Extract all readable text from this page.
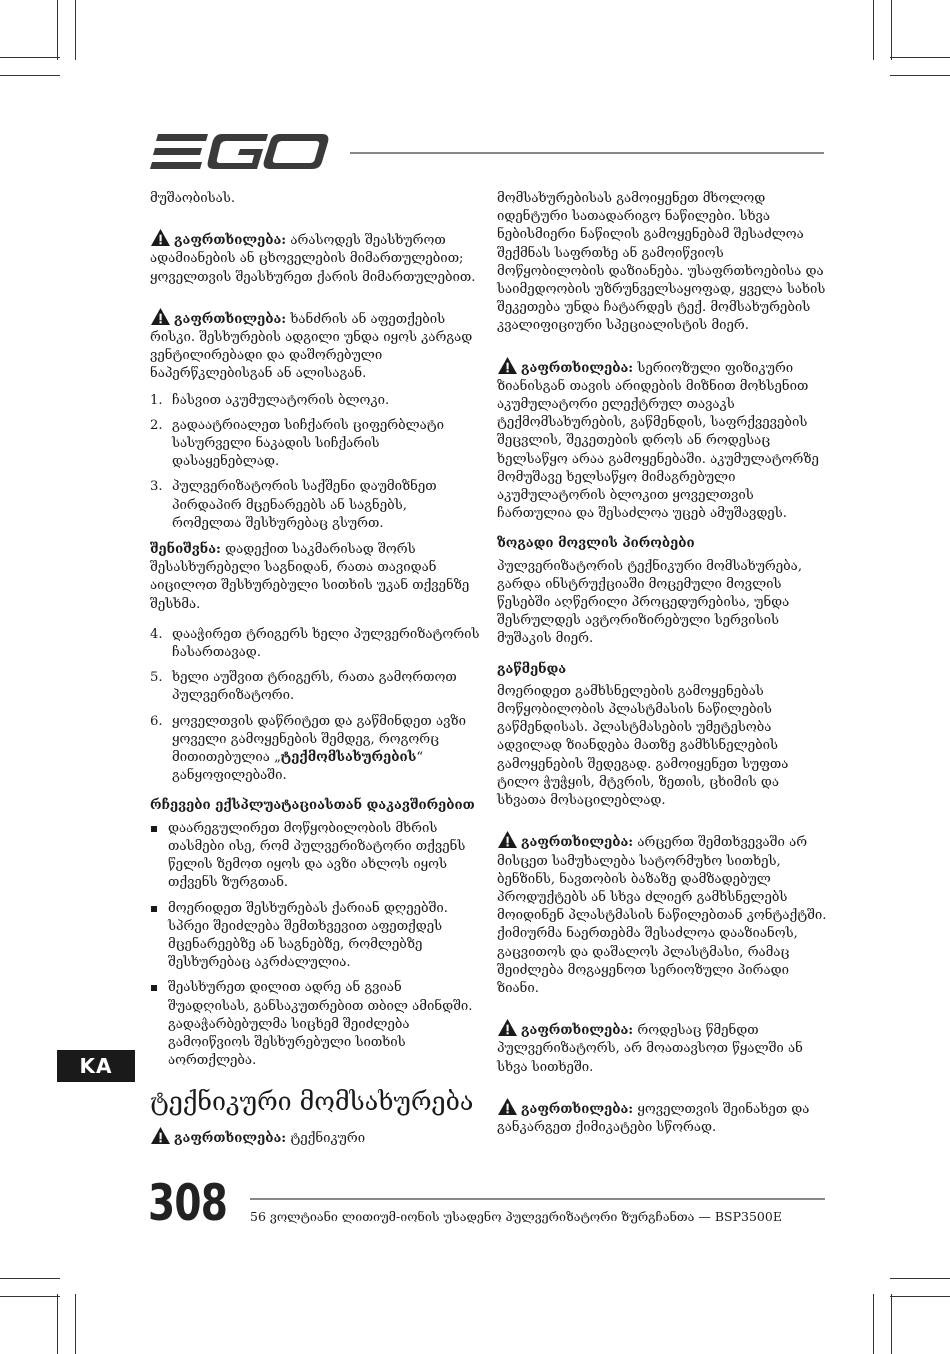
მუშაობისას.

გაფრთხილება: არასოდეს შეასხუროთ ადამიანების ან ცხოველების მიმართულებით; ყოველთვის შეასხურეთ ქარის მიმართულებით.

გაფრთხილება: ხანძრის ან აფეთქების რისკი. შესხურების ადგილი უნდა იყოს კარგად ვენტილირებადი და დაშორებული ნაპერწკლებისგან ან ალისაგან.

1. ჩასვით აკუმულატორის ბლოკი.
2. გადაატრიალეთ სიჩქარის ციფერბლატი სასურველი ნაკადის სიჩქარის დასაყენებლად.
3. პულვერიზატორის საქშენი დაუმიზნეთ პირდაპირ მცენარეებს ან საგნებს, რომელთა შესხურებაც გსურთ.

შენიშვნა: დადექით საკმარისად შორს შესასხურებელი საგნიდან, რათა თავიდან აიცილოთ შესხურებული სითხის უკან თქვენზე შესხმა.

4. დააჭირეთ ტრიგერს ხელი პულვერიზატორის ჩასართავად.
5. ხელი აუშვით ტრიგერს, რათა გამორთოთ პულვერიზატორი.
6. ყოველთვის დაწრიტეთ და გაწმინდეთ ავზი ყოველი გამოყენების შემდეგ, როგორც მითითებულია „ტექმომსახურების“ განყოფილებაში.
რჩევები ექსპლუატაციასთან დაკავშირებით
დაარეგულირეთ მოწყობილობის მხრის თასმები ისე, რომ პულვერიზატორი თქვენს წელის ზემოთ იყოს და ავზი ახლოს იყოს თქვენს ზურგთან.
მოერიდეთ შესხურებას ქარიან დღეებში. სპრეი შეიძლება შემთხვევით აფეთქდეს მცენარეებზე ან საგნებზე, რომლებზე შესხურებაც აკრძალულია.
შეასხურეთ დილით ადრე ან გვიან შუადღისას, განსაკუთრებით თბილ ამინდში. გადაჭარბებულმა სიცხემ შეიძლება გამოიწვიოს შესხურებული სითხის აორთქლება.
ტექნიკური მომსახურება

გაფრთხილება: ტექნიკური

მომსახურებისას გამოიყენეთ მხოლოდ იდენტური სათადარიგო ნაწილები. სხვა ნებისმიერი ნაწილის გამოყენებამ შესაძლოა შექმნას საფრთხე ან გამოიწვიოს მოწყობილობის დაზიანება. უსაფრთხოებისა და საიმედოობის უზრუნველსაყოფად, ყველა სახის შეკეთება უნდა ჩატარდეს ტექ. მომსახურების კვალიფიციური სპეციალისტის მიერ.

გაფრთხილება: სერიოზული ფიზიკური ზიანისგან თავის არიდების მიზნით მოხსენით აკუმულატორი ელექტრულ თავაკს ტექმომსახურების, გაწმენდის, საფრქვევების შეცვლის, შეკეთების დროს ან როდესაც ხელსაწყო არაა გამოყენებაში. აკუმულატორზე მომუშავე ხელსაწყო მიმაგრებული აკუმულატორის ბლოკით ყოველთვის ჩართულია და შესაძლოა უცებ ამუშავდეს.

ზოგადი მოვლის პირობები

პულვერიზატორის ტექნიკური მომსახურება, გარდა ინსტრუქციაში მოცემული მოვლის წესებში აღწერილი პროცედურებისა, უნდა შესრულდეს ავტორიზირებული სერვისის მუშაკის მიერ.

გაწმენდა

მოერიდეთ გამხსნელების გამოყენებას მოწყობილობის პლასტმასის ნაწილების გაწმენდისას. პლასტმასების უმეტესობა ადვილად ზიანდება მათზე გამხსნელების გამოყენების შედეგად. გამოიყენეთ სუფთა ტილო ჭუჭყის, მტვრის, ზეთის, ცხიმის და სხვათა მოსაცილებლად.

გაფრთხილება: არცერთ შემთხვევაში არ მისცეთ სამუხალება სატორმუხო სითხეს, ბენზინს, ნავთობის ბაზაზე დამზადებულ პროდუქტებს ან სხვა ძლიერ გამხსნელებს მოიდინენ პლასტმასის ნაწილებთან კონტაქტში. ქიმიურმა ნაერთებმა შესაძლოა დააზიანოს, გაცვითოს და დაშალოს პლასტმასი, რამაც შეიძლება მოგაყენოთ სერიოზული პირადი ზიანი.

გაფრთხილება: როდესაც წმენდთ პულვერიზატორს, არ მოათავსოთ წყალში ან სხვა სითხეში.

გაფრთხილება: ყოველთვის შეინახეთ და განკარგეთ ქიმიკატები სწორად.

KA
308 56 ვოლტიანი ლითიუმ-იონის უსადენო პულვერიზატორი ზურგჩანთა — BSP3500E
